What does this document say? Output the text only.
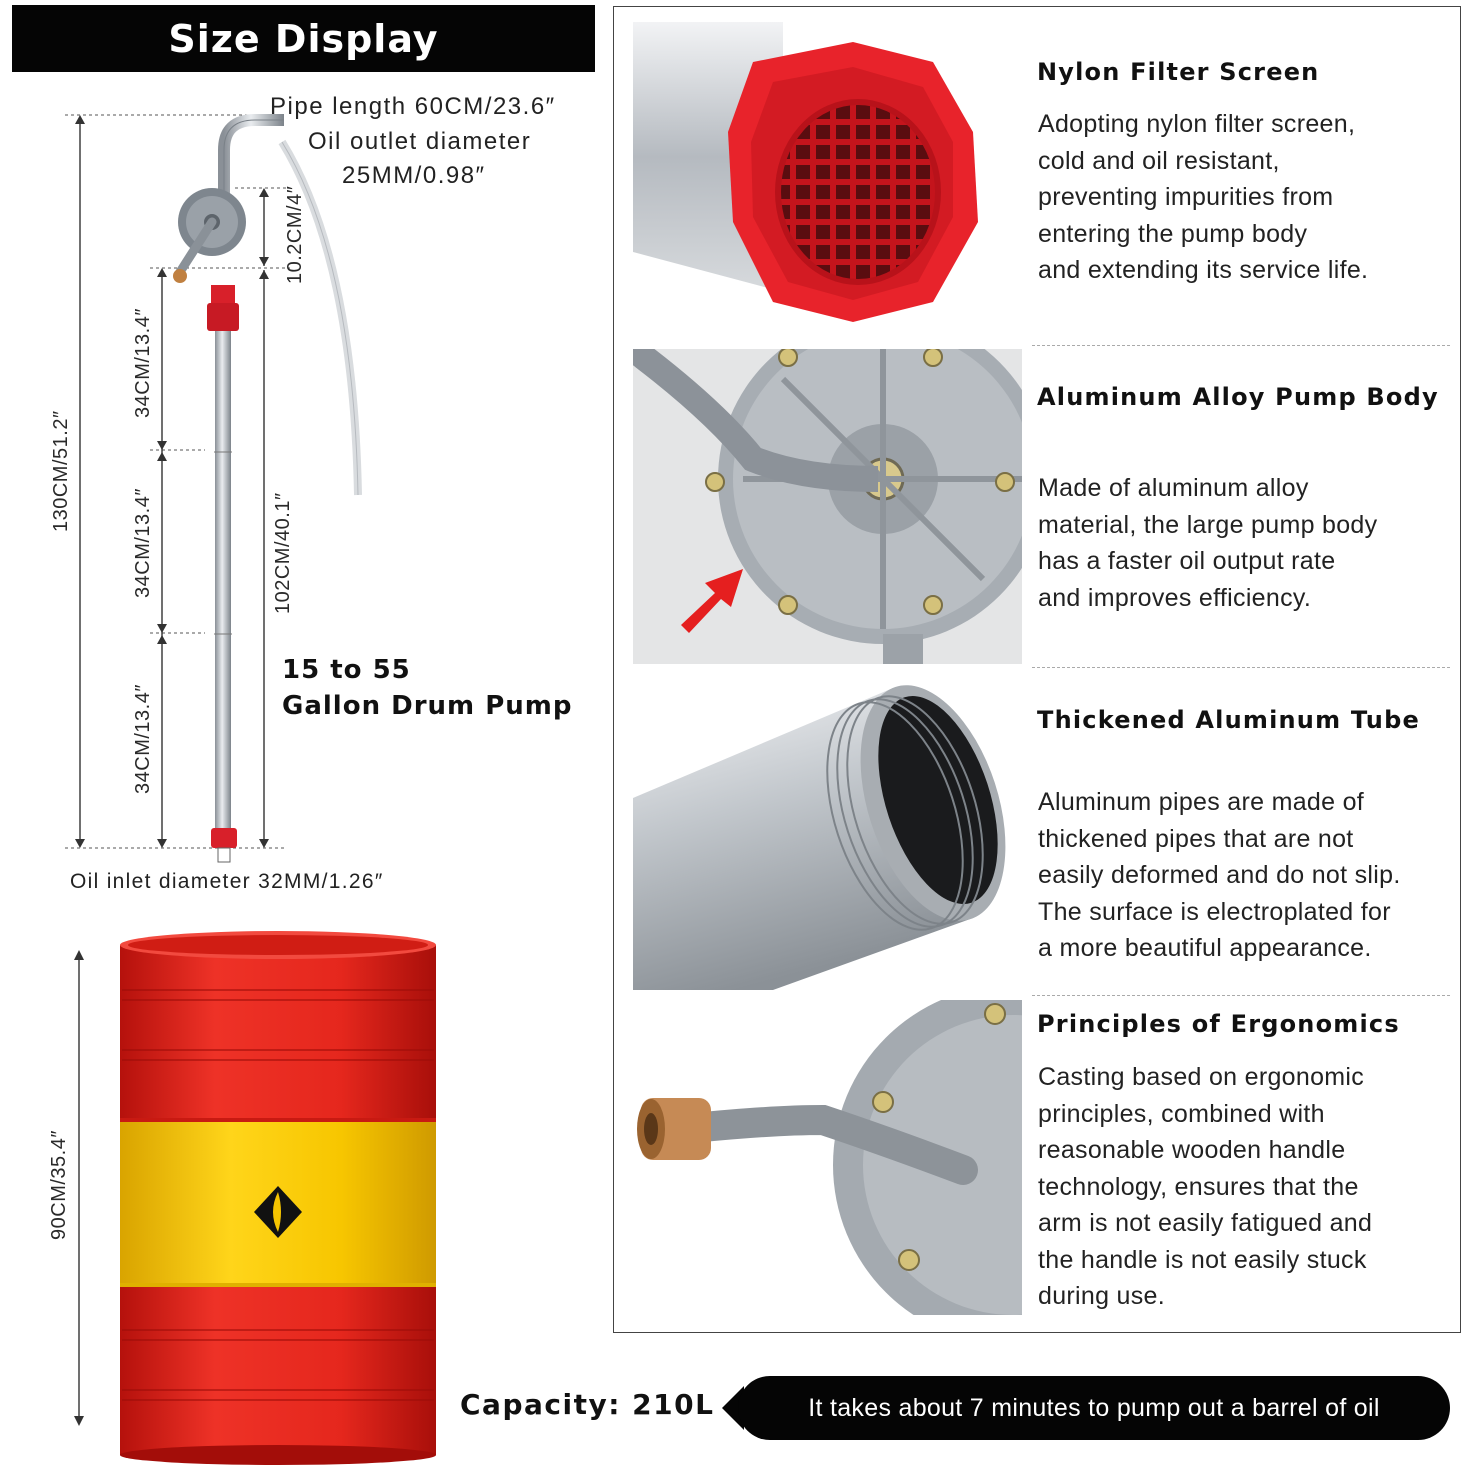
Size Display
130CM/51.2″
34CM/13.4″
34CM/13.4″
34CM/13.4″
102CM/40.1″
10.2CM/4″
Pipe length 60CM/23.6″
Oil outlet diameter
25MM/0.98″
15 to 55
Gallon Drum Pump
Oil inlet diameter 32MM/1.26″
90CM/35.4″
Nylon Filter Screen
Adopting nylon filter screen,
cold and oil resistant,
preventing impurities from
entering the pump body
and extending its service life.
Aluminum Alloy Pump Body
Made of aluminum alloy
material, the large pump body
has a faster oil output rate
and improves efficiency.
Thickened Aluminum Tube
Aluminum pipes are made of
thickened pipes that are not
easily deformed and do not slip.
The surface is electroplated for
a more beautiful appearance.
Principles of Ergonomics
Casting based on ergonomic
principles, combined with
reasonable wooden handle
technology, ensures that the
arm is not easily fatigued and
the handle is not easily stuck
during use.
Capacity: 210L	It takes about 7 minutes to pump out a barrel of oil
